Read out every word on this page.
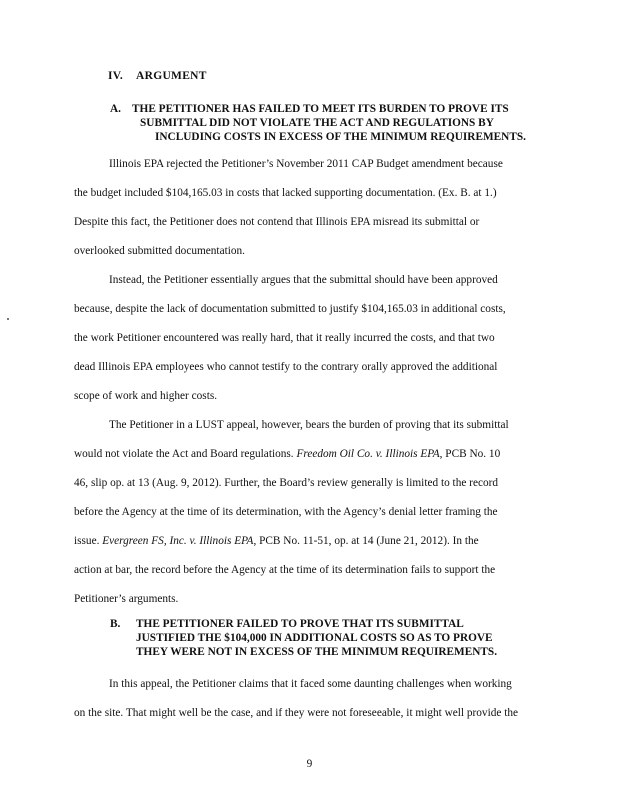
IV. ARGUMENT
A. THE PETITIONER HAS FAILED TO MEET ITS BURDEN TO PROVE ITS
SUBMITTAL DID NOT VIOLATE THE ACT AND REGULATIONS BY
INCLUDING COSTS IN EXCESS OF THE MINIMUM REQUIREMENTS.
Illinois EPA rejected the Petitioner’s November 2011 CAP Budget amendment because
the budget included $104,165.03 in costs that lacked supporting documentation. (Ex. B. at 1.)
Despite this fact, the Petitioner does not contend that Illinois EPA misread its submittal or
overlooked submitted documentation.
Instead, the Petitioner essentially argues that the submittal should have been approved
because, despite the lack of documentation submitted to justify $104,165.03 in additional costs,
the work Petitioner encountered was really hard, that it really incurred the costs, and that two
dead Illinois EPA employees who cannot testify to the contrary orally approved the additional
scope of work and higher costs.
The Petitioner in a LUST appeal, however, bears the burden of proving that its submittal
would not violate the Act and Board regulations. Freedom Oil Co. v. Illinois EPA, PCB No. 10
46, slip op. at 13 (Aug. 9, 2012). Further, the Board’s review generally is limited to the record
before the Agency at the time of its determination, with the Agency’s denial letter framing the
issue. Evergreen FS, Inc. v. Illinois EPA, PCB No. 11-51, op. at 14 (June 21, 2012). In the
action at bar, the record before the Agency at the time of its determination fails to support the
Petitioner’s arguments.
B.	THE PETITIONER FAILED TO PROVE THAT ITS SUBMITTAL
JUSTIFIED THE $104,000 IN ADDITIONAL COSTS SO AS TO PROVE
THEY WERE NOT IN EXCESS OF THE MINIMUM REQUIREMENTS.
In this appeal, the Petitioner claims that it faced some daunting challenges when working
on the site. That might well be the case, and if they were not foreseeable, it might well provide the
9
